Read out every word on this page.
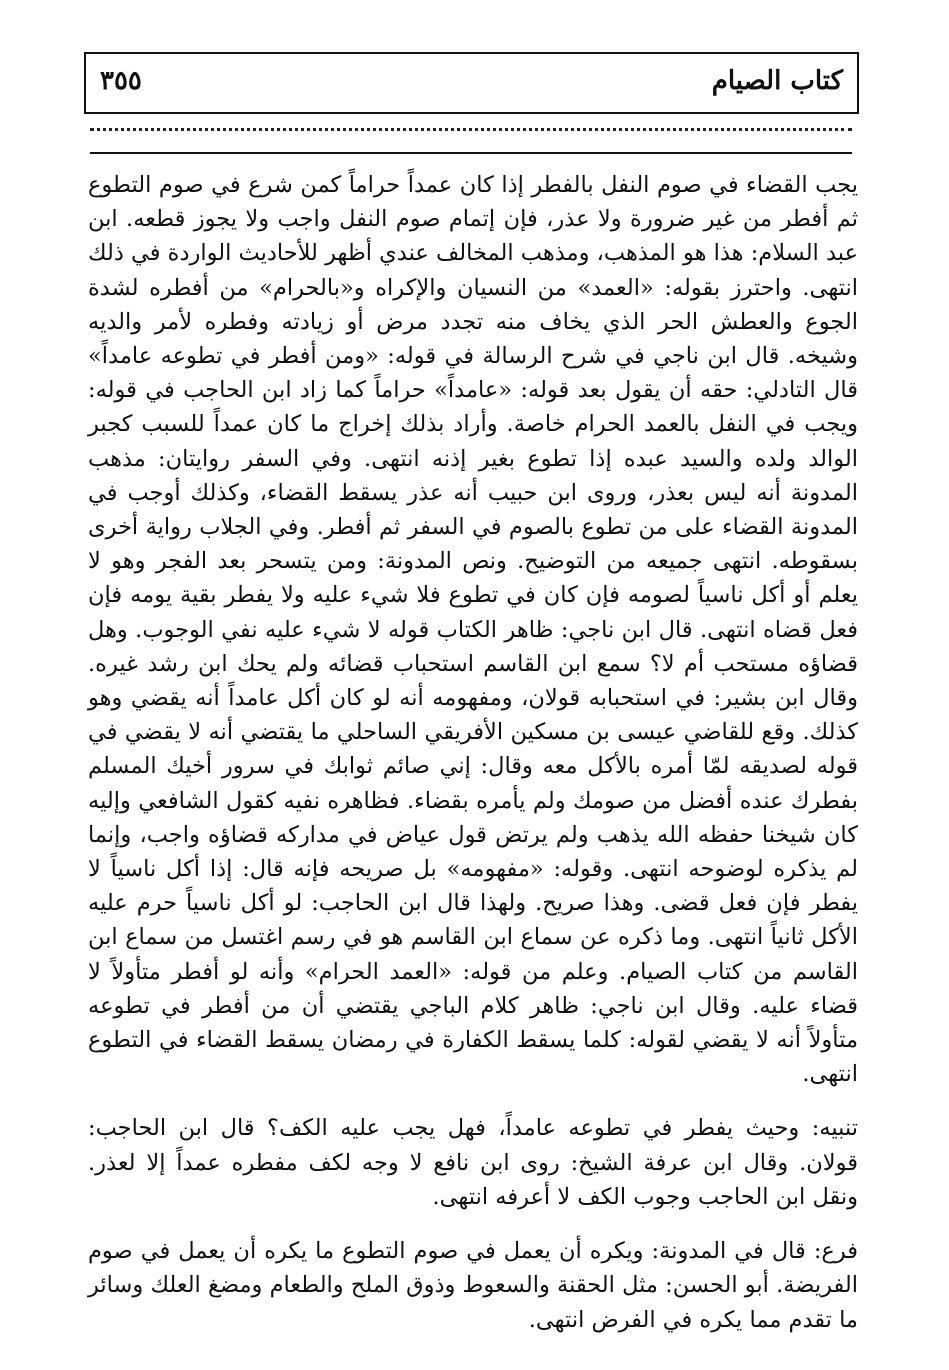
كتاب الصيام
٣٥٥

يجب القضاء في صوم النفل بالفطر إذا كان عمداً حراماً كمن شرع في صوم التطوع ثم أفطر من غير ضرورة ولا عذر، فإن إتمام صوم النفل واجب ولا يجوز قطعه. ابن عبد السلام: هذا هو المذهب، ومذهب المخالف عندي أظهر للأحاديث الواردة في ذلك انتهى. واحترز بقوله: «العمد» من النسيان والإكراه و«بالحرام» من أفطره لشدة الجوع والعطش الحر الذي يخاف منه تجدد مرض أو زيادته وفطره لأمر والديه وشيخه. قال ابن ناجي في شرح الرسالة في قوله: «ومن أفطر في تطوعه عامداً» قال التادلي: حقه أن يقول بعد قوله: «عامداً» حراماً كما زاد ابن الحاجب في قوله: ويجب في النفل بالعمد الحرام خاصة. وأراد بذلك إخراج ما كان عمداً للسبب كجبر الوالد ولده والسيد عبده إذا تطوع بغير إذنه انتهى. وفي السفر روايتان: مذهب المدونة أنه ليس بعذر، وروى ابن حبيب أنه عذر يسقط القضاء، وكذلك أوجب في المدونة القضاء على من تطوع بالصوم في السفر ثم أفطر. وفي الجلاب رواية أخرى بسقوطه. انتهى جميعه من التوضيح. ونص المدونة: ومن يتسحر بعد الفجر وهو لا يعلم أو أكل ناسياً لصومه فإن كان في تطوع فلا شيء عليه ولا يفطر بقية يومه فإن فعل قضاه انتهى. قال ابن ناجي: ظاهر الكتاب قوله لا شيء عليه نفي الوجوب. وهل قضاؤه مستحب أم لا؟ سمع ابن القاسم استحباب قضائه ولم يحك ابن رشد غيره. وقال ابن بشير: في استحبابه قولان، ومفهومه أنه لو كان أكل عامداً أنه يقضي وهو كذلك. وقع للقاضي عيسى بن مسكين الأفريقي الساحلي ما يقتضي أنه لا يقضي في قوله لصديقه لمّا أمره بالأكل معه وقال: إني صائم ثوابك في سرور أخيك المسلم بفطرك عنده أفضل من صومك ولم يأمره بقضاء. فظاهره نفيه كقول الشافعي وإليه كان شيخنا حفظه الله يذهب ولم يرتض قول عياض في مداركه قضاؤه واجب، وإنما لم يذكره لوضوحه انتهى. وقوله: «مفهومه» بل صريحه فإنه قال: إذا أكل ناسياً لا يفطر فإن فعل قضى. وهذا صريح. ولهذا قال ابن الحاجب: لو أكل ناسياً حرم عليه الأكل ثانياً انتهى. وما ذكره عن سماع ابن القاسم هو في رسم اغتسل من سماع ابن القاسم من كتاب الصيام. وعلم من قوله: «العمد الحرام» وأنه لو أفطر متأولاً لا قضاء عليه. وقال ابن ناجي: ظاهر كلام الباجي يقتضي أن من أفطر في تطوعه متأولاً أنه لا يقضي لقوله: كلما يسقط الكفارة في رمضان يسقط القضاء في التطوع انتهى.

تنبيه: وحيث يفطر في تطوعه عامداً، فهل يجب عليه الكف؟ قال ابن الحاجب: قولان. وقال ابن عرفة الشيخ: روى ابن نافع لا وجه لكف مفطره عمداً إلا لعذر. ونقل ابن الحاجب وجوب الكف لا أعرفه انتهى.

فرع: قال في المدونة: ويكره أن يعمل في صوم التطوع ما يكره أن يعمل في صوم الفريضة. أبو الحسن: مثل الحقنة والسعوط وذوق الملح والطعام ومضغ العلك وسائر ما تقدم مما يكره في الفرض انتهى.
